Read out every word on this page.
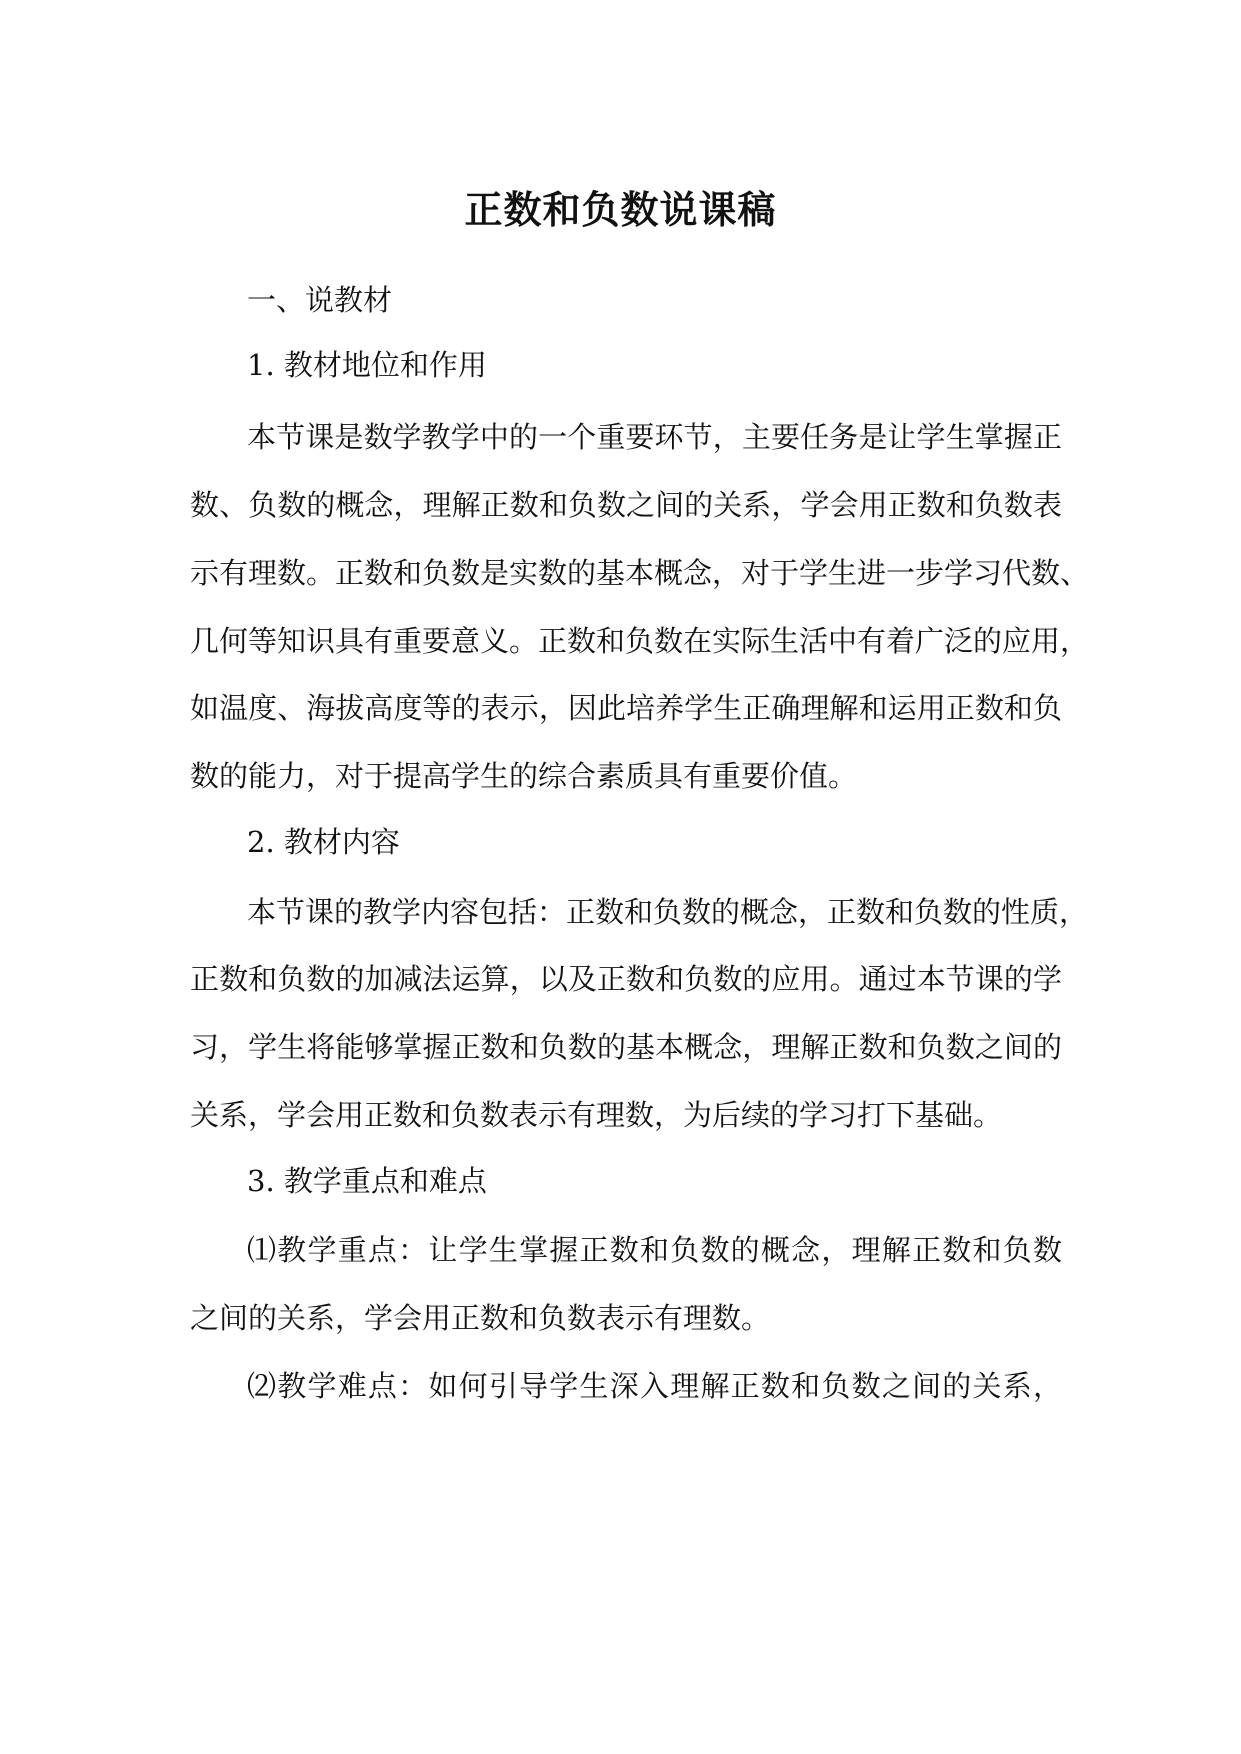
正数和负数说课稿
一、说教材
1. 教材地位和作用
本节课是数学教学中的一个重要环节，主要任务是让学生掌握正
数、负数的概念，理解正数和负数之间的关系，学会用正数和负数表
示有理数。正数和负数是实数的基本概念，对于学生进一步学习代数、
几何等知识具有重要意义。正数和负数在实际生活中有着广泛的应用，
如温度、海拔高度等的表示，因此培养学生正确理解和运用正数和负
数的能力，对于提高学生的综合素质具有重要价值。
2. 教材内容
本节课的教学内容包括：正数和负数的概念，正数和负数的性质，
正数和负数的加减法运算，以及正数和负数的应用。通过本节课的学
习，学生将能够掌握正数和负数的基本概念，理解正数和负数之间的
关系，学会用正数和负数表示有理数，为后续的学习打下基础。
3. 教学重点和难点
⑴教学重点：让学生掌握正数和负数的概念，理解正数和负数
之间的关系，学会用正数和负数表示有理数。
⑵教学难点：如何引导学生深入理解正数和负数之间的关系，
